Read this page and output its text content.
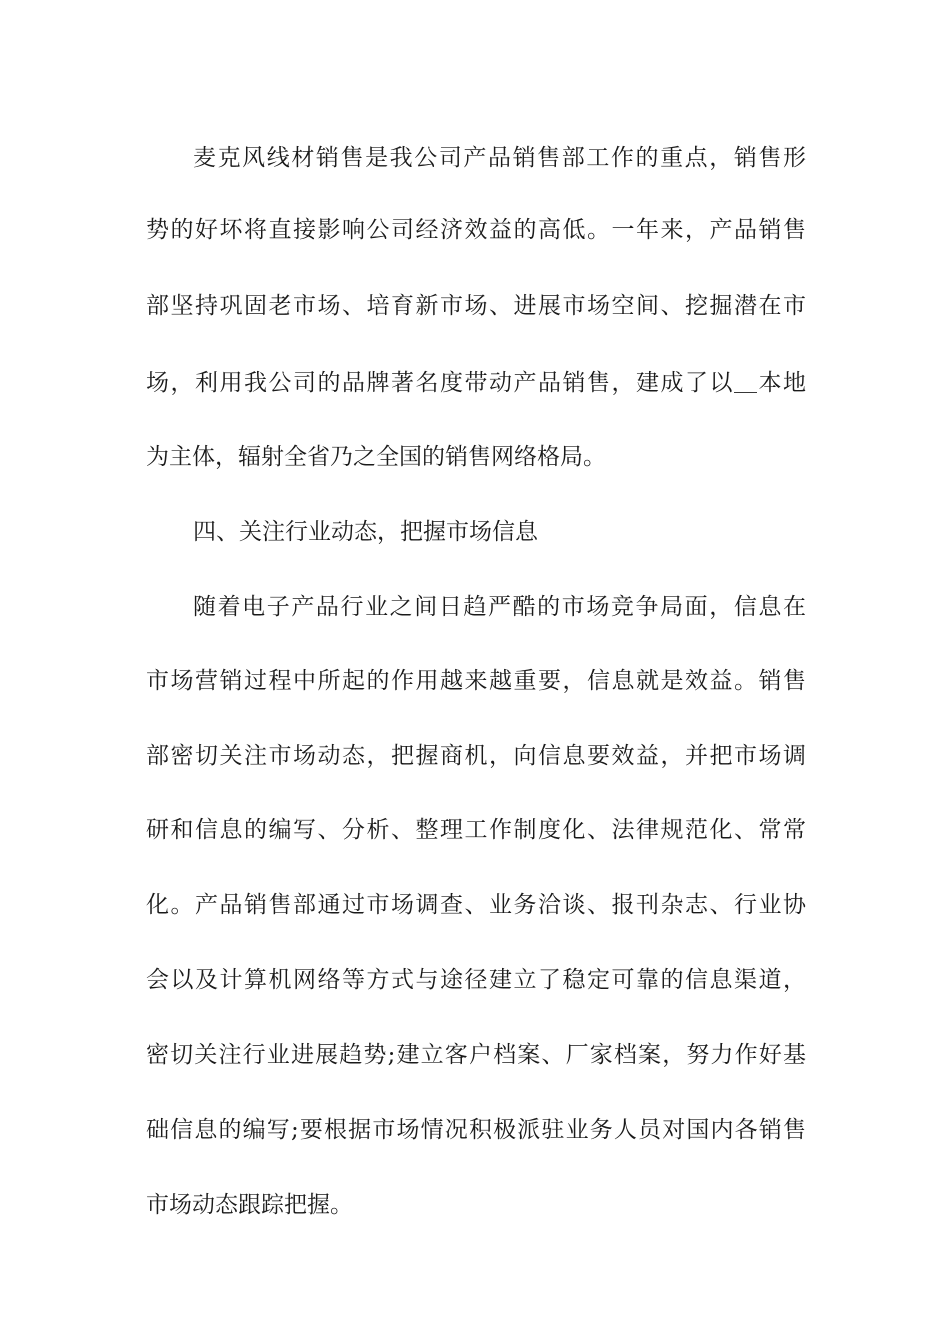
麦克风线材销售是我公司产品销售部工作的重点，销售形
势的好坏将直接影响公司经济效益的高低。一年来，产品销售
部坚持巩固老市场、培育新市场、进展市场空间、挖掘潜在市
场，利用我公司的品牌著名度带动产品销售，建成了以＿本地
为主体，辐射全省乃之全国的销售网络格局。
四、关注行业动态，把握市场信息
随着电子产品行业之间日趋严酷的市场竞争局面，信息在
市场营销过程中所起的作用越来越重要，信息就是效益。销售
部密切关注市场动态，把握商机，向信息要效益，并把市场调
研和信息的编写、分析、整理工作制度化、法律规范化、常常
化。产品销售部通过市场调查、业务洽谈、报刊杂志、行业协
会以及计算机网络等方式与途径建立了稳定可靠的信息渠道，
密切关注行业进展趋势;建立客户档案、厂家档案，努力作好基
础信息的编写;要根据市场情况积极派驻业务人员对国内各销售
市场动态跟踪把握。
